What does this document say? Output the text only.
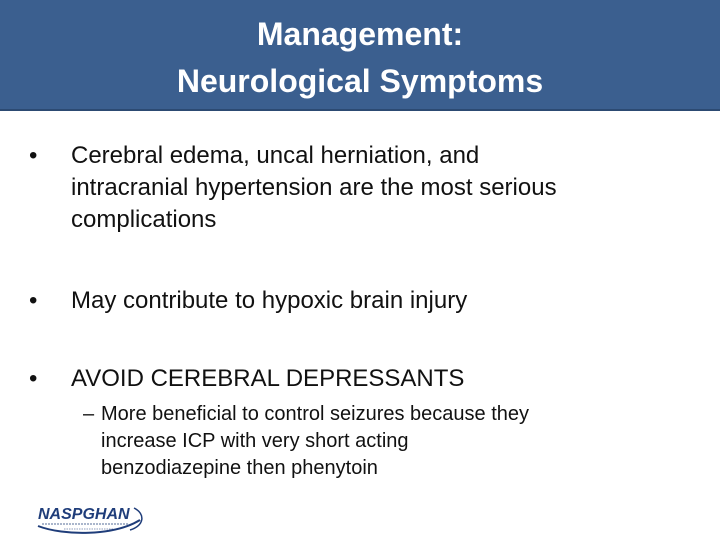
Management:
Neurological Symptoms
• Cerebral edema, uncal herniation, and
intracranial hypertension are the most serious
complications
• May contribute to hypoxic brain injury
• AVOID CEREBRAL DEPRESSANTS
– More beneficial to control seizures because they
increase ICP with very short acting
benzodiazepine then phenytoin
NASPGHAN
